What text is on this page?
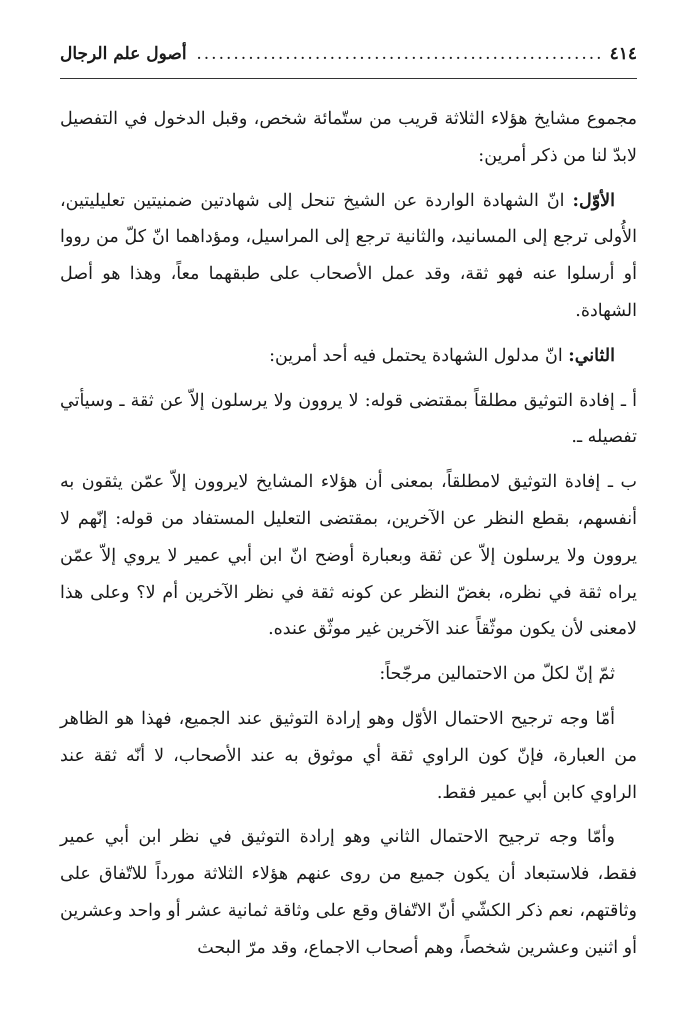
٤١٤
.....
أصول علم الرجال

مجموع مشايخ هؤلاء الثلاثة قريب من ستّمائة شخص، وقبل الدخول في التفصيل لابدّ لنا من ذكر أمرين:

الأوّل: انّ الشهادة الواردة عن الشيخ تنحل إلى شهادتين ضمنيتين تعليليتين، الأُولى ترجع إلى المسانيد، والثانية ترجع إلى المراسيل، ومؤداهما انّ كلّ من رووا أو أرسلوا عنه فهو ثقة، وقد عمل الأصحاب على طبقهما معاً، وهذا هو أصل الشهادة.

الثاني: انّ مدلول الشهادة يحتمل فيه أحد أمرين:

أ ـ إفادة التوثيق مطلقاً بمقتضى قوله: لا يروون ولا يرسلون إلاّ عن ثقة ـ وسيأتي تفصيله ـ.

ب ـ إفادة التوثيق لامطلقاً، بمعنى أن هؤلاء المشايخ لايروون إلاّ عمّن يثقون به أنفسهم، بقطع النظر عن الآخرين، بمقتضى التعليل المستفاد من قوله: إنّهم لا يروون ولا يرسلون إلاّ عن ثقة وبعبارة أوضح انّ ابن أبي عمير لا يروي إلاّ عمّن يراه ثقة في نظره، بغضّ النظر عن كونه ثقة في نظر الآخرين أم لا؟ وعلى هذا لامعنى لأن يكون موثّقاً عند الآخرين غير موثّق عنده.

ثمّ إنّ لكلّ من الاحتمالين مرجّحاً:

أمّا وجه ترجيح الاحتمال الأوّل وهو إرادة التوثيق عند الجميع، فهذا هو الظاهر من العبارة، فإنّ كون الراوي ثقة أي موثوق به عند الأصحاب، لا أنّه ثقة عند الراوي كابن أبي عمير فقط.

وأمّا وجه ترجيح الاحتمال الثاني وهو إرادة التوثيق في نظر ابن أبي عمير فقط، فلاستبعاد أن يكون جميع من روى عنهم هؤلاء الثلاثة مورداً للاتّفاق على وثاقتهم، نعم ذكر الكشّي أنّ الاتّفاق وقع على وثاقة ثمانية عشر أو واحد وعشرين أو اثنين وعشرين شخصاً، وهم أصحاب الاجماع، وقد مرّ البحث
